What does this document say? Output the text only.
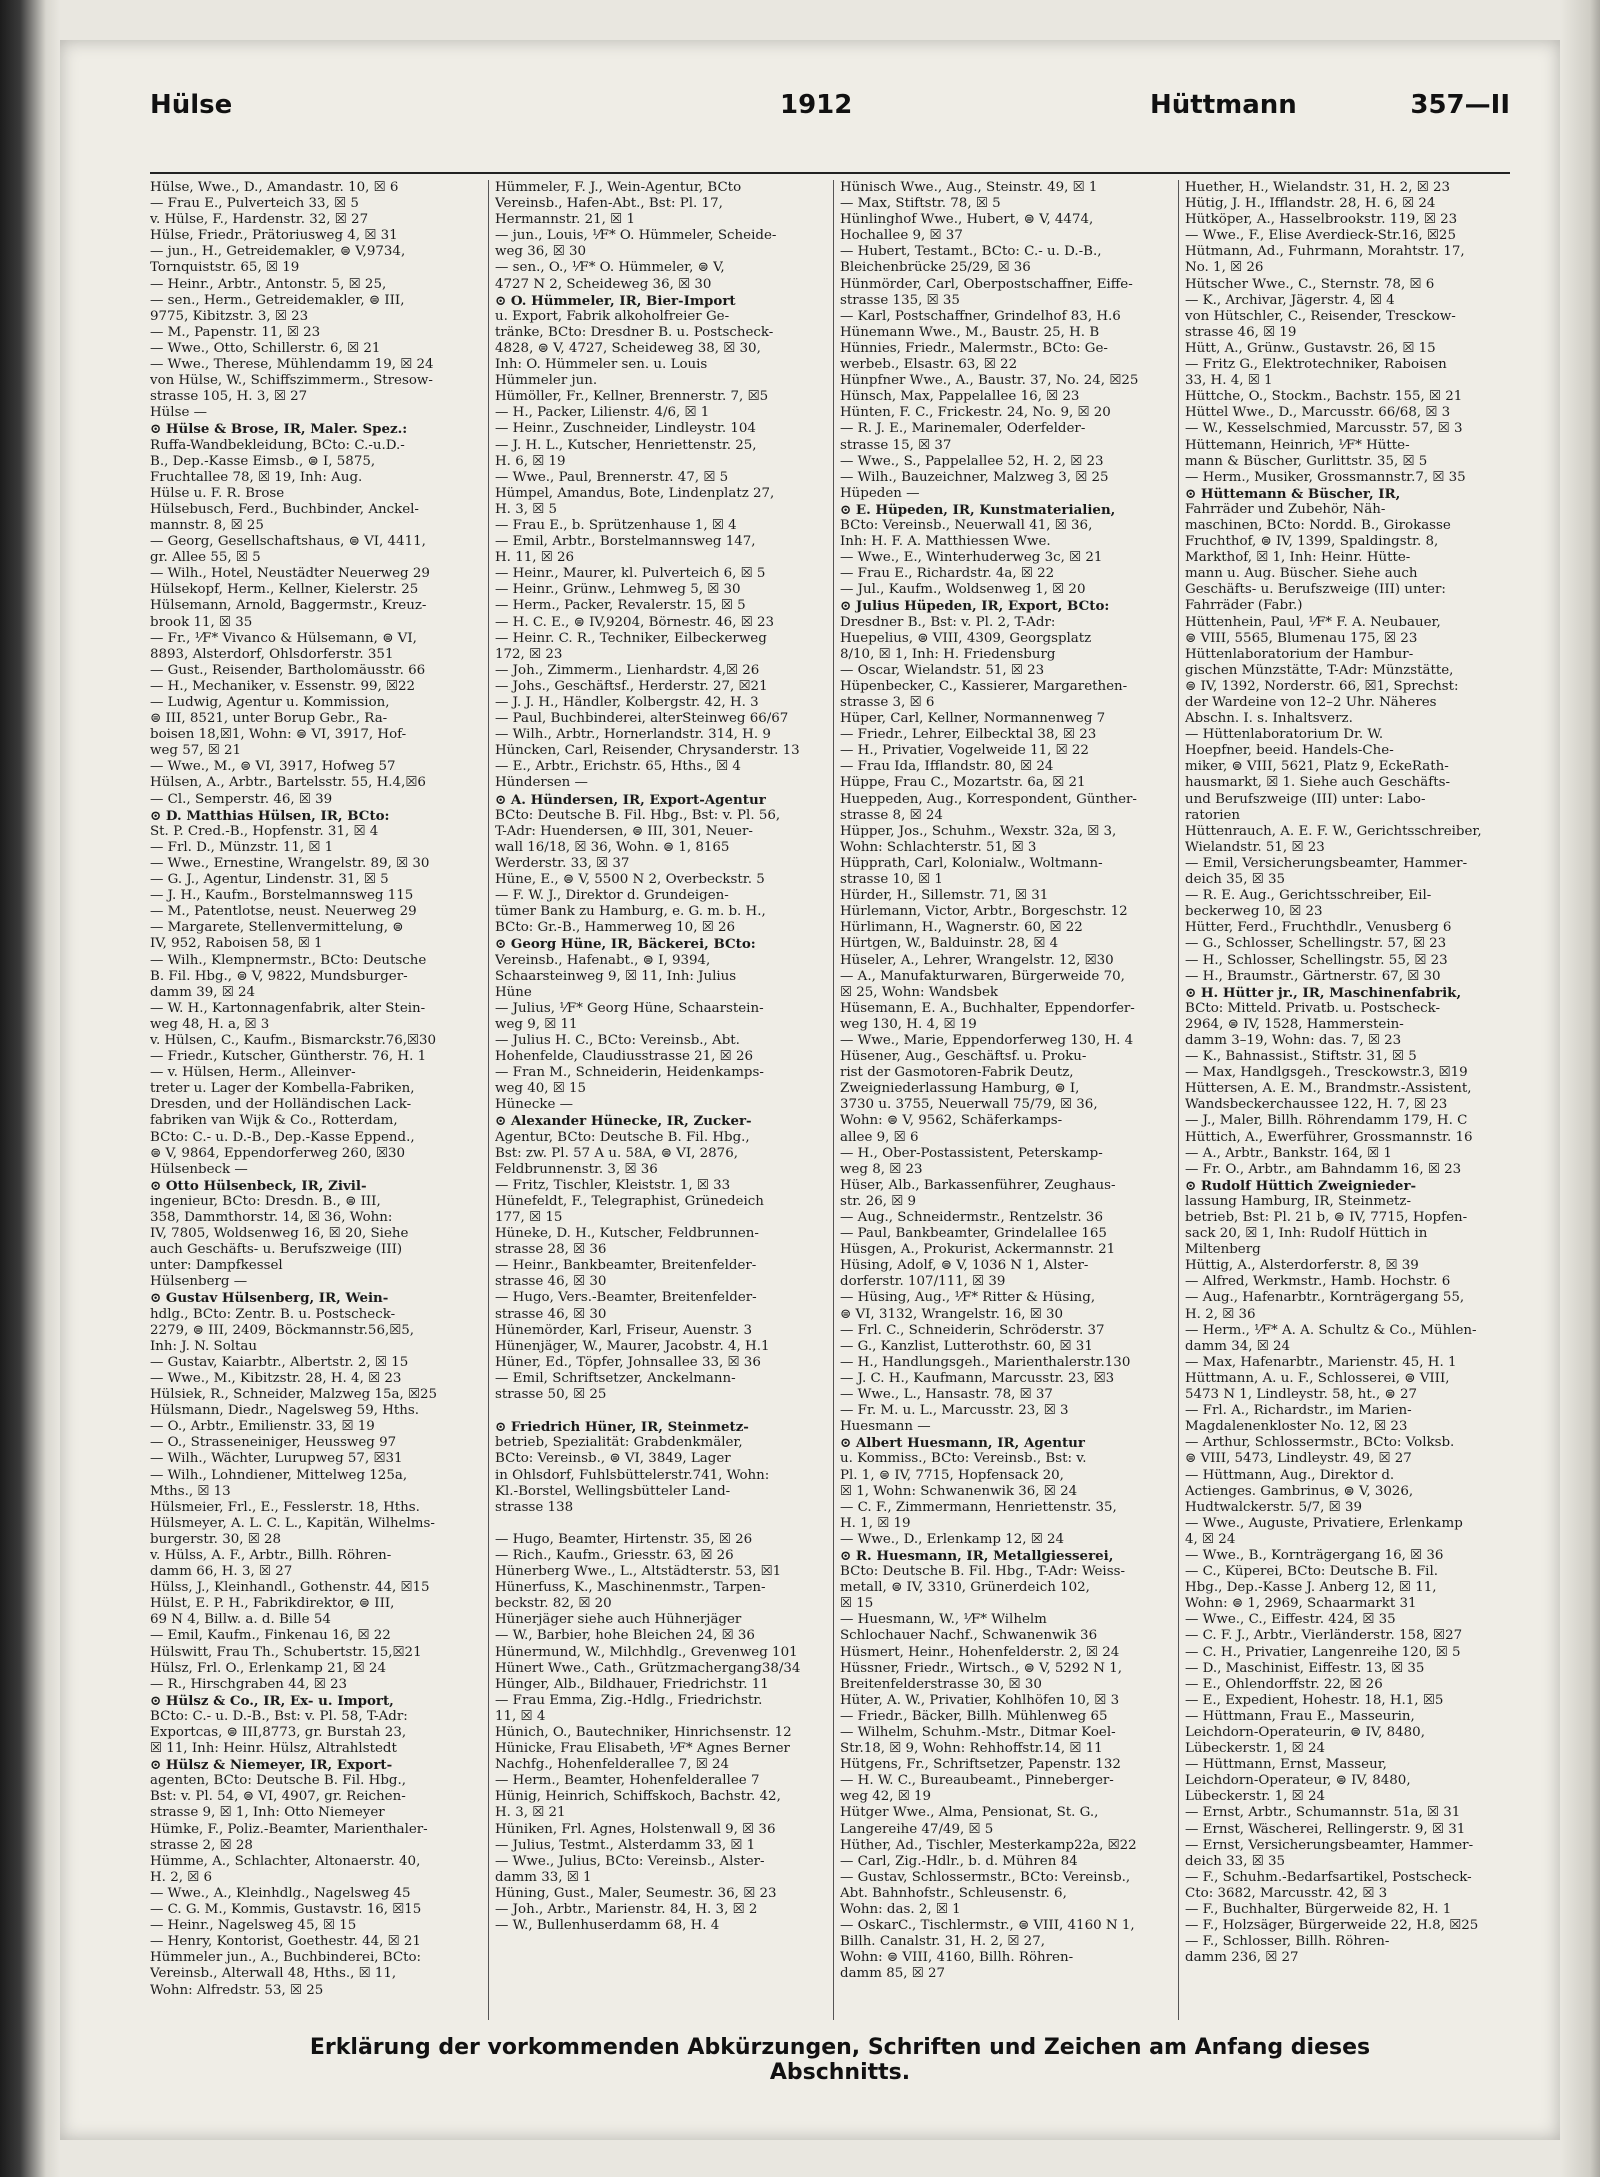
Hülse	1912	Hüttmann	357—II
Hülse, Wwe., D., Amandastr. 10, ☒ 6
— Frau E., Pulverteich 33, ☒ 5
v. Hülse, F., Hardenstr. 32, ☒ 27
Hülse, Friedr., Prätoriusweg 4, ☒ 31
— jun., H., Getreidemakler, ⊜ V,9734,
Tornquiststr. 65, ☒ 19
— Heinr., Arbtr., Antonstr. 5, ☒ 25,
— sen., Herm., Getreidemakler, ⊜ III,
9775, Kibitzstr. 3, ☒ 23
— M., Papenstr. 11, ☒ 23
— Wwe., Otto, Schillerstr. 6, ☒ 21
— Wwe., Therese, Mühlendamm 19, ☒ 24
von Hülse, W., Schiffszimmerm., Stresow-
strasse 105, H. 3, ☒ 27
Hülse —
⊙ Hülse & Brose, IR, Maler. Spez.:
Ruffa-Wandbekleidung, BCto: C.-u.D.-
B., Dep.-Kasse Eimsb., ⊜ I, 5875,
Fruchtallee 78, ☒ 19, Inh: Aug.
Hülse u. F. R. Brose
Hülsebusch, Ferd., Buchbinder, Anckel-
mannstr. 8, ☒ 25
— Georg, Gesellschaftshaus, ⊜ VI, 4411,
gr. Allee 55, ☒ 5
— Wilh., Hotel, Neustädter Neuerweg 29
Hülsekopf, Herm., Kellner, Kielerstr. 25
Hülsemann, Arnold, Baggermstr., Kreuz-
brook 11, ☒ 35
— Fr., ⅟F* Vivanco & Hülsemann, ⊜ VI,
8893, Alsterdorf, Ohlsdorferstr. 351
— Gust., Reisender, Bartholomäusstr. 66
— H., Mechaniker, v. Essenstr. 99, ☒22
— Ludwig, Agentur u. Kommission,
⊜ III, 8521, unter Borup Gebr., Ra-
boisen 18,☒1, Wohn: ⊜ VI, 3917, Hof-
weg 57, ☒ 21
— Wwe., M., ⊜ VI, 3917, Hofweg 57
Hülsen, A., Arbtr., Bartelsstr. 55, H.4,☒6
— Cl., Semperstr. 46, ☒ 39
⊙ D. Matthias Hülsen, IR, BCto:
St. P. Cred.-B., Hopfenstr. 31, ☒ 4
— Frl. D., Münzstr. 11, ☒ 1
— Wwe., Ernestine, Wrangelstr. 89, ☒ 30
— G. J., Agentur, Lindenstr. 31, ☒ 5
— J. H., Kaufm., Borstelmannsweg 115
— M., Patentlotse, neust. Neuerweg 29
— Margarete, Stellenvermittelung, ⊜
IV, 952, Raboisen 58, ☒ 1
— Wilh., Klempnermstr., BCto: Deutsche
B. Fil. Hbg., ⊜ V, 9822, Mundsburger-
damm 39, ☒ 24
— W. H., Kartonnagenfabrik, alter Stein-
weg 48, H. a, ☒ 3
v. Hülsen, C., Kaufm., Bismarckstr.76,☒30
— Friedr., Kutscher, Güntherstr. 76, H. 1
— v. Hülsen, Herm., Alleinver-
treter u. Lager der Kombella-Fabriken,
Dresden, und der Holländischen Lack-
fabriken van Wijk & Co., Rotterdam,
BCto: C.- u. D.-B., Dep.-Kasse Eppend.,
⊜ V, 9864, Eppendorferweg 260, ☒30
Hülsenbeck —
⊙ Otto Hülsenbeck, IR, Zivil-
ingenieur, BCto: Dresdn. B., ⊜ III,
358, Dammthorstr. 14, ☒ 36, Wohn:
IV, 7805, Woldsenweg 16, ☒ 20, Siehe
auch Geschäfts- u. Berufszweige (III)
unter: Dampfkessel
Hülsenberg —
⊙ Gustav Hülsenberg, IR, Wein-
hdlg., BCto: Zentr. B. u. Postscheck-
2279, ⊜ III, 2409, Böckmannstr.56,☒5,
Inh: J. N. Soltau
— Gustav, Kaiarbtr., Albertstr. 2, ☒ 15
— Wwe., M., Kibitzstr. 28, H. 4, ☒ 23
Hülsiek, R., Schneider, Malzweg 15a, ☒25
Hülsmann, Diedr., Nagelsweg 59, Hths.
— O., Arbtr., Emilienstr. 33, ☒ 19
— O., Strasseneiniger, Heussweg 97
— Wilh., Wächter, Lurupweg 57, ☒31
— Wilh., Lohndiener, Mittelweg 125a,
Mths., ☒ 13
Hülsmeier, Frl., E., Fesslerstr. 18, Hths.
Hülsmeyer, A. L. C. L., Kapitän, Wilhelms-
burgerstr. 30, ☒ 28
v. Hülss, A. F., Arbtr., Billh. Röhren-
damm 66, H. 3, ☒ 27
Hülss, J., Kleinhandl., Gothenstr. 44, ☒15
Hülst, E. P. H., Fabrikdirektor, ⊜ III,
69 N 4, Billw. a. d. Bille 54
— Emil, Kaufm., Finkenau 16, ☒ 22
Hülswitt, Frau Th., Schubertstr. 15,☒21
Hülsz, Frl. O., Erlenkamp 21, ☒ 24
— R., Hirschgraben 44, ☒ 23
⊙ Hülsz & Co., IR, Ex- u. Import,
BCto: C.- u. D.-B., Bst: v. Pl. 58, T-Adr:
Exportcas, ⊜ III,8773, gr. Burstah 23,
☒ 11, Inh: Heinr. Hülsz, Altrahlstedt
⊙ Hülsz & Niemeyer, IR, Export-
agenten, BCto: Deutsche B. Fil. Hbg.,
Bst: v. Pl. 54, ⊜ VI, 4907, gr. Reichen-
strasse 9, ☒ 1, Inh: Otto Niemeyer
Hümke, F., Poliz.-Beamter, Marienthaler-
strasse 2, ☒ 28
Hümme, A., Schlachter, Altonaerstr. 40,
H. 2, ☒ 6
— Wwe., A., Kleinhdlg., Nagelsweg 45
— C. G. M., Kommis, Gustavstr. 16, ☒15
— Heinr., Nagelsweg 45, ☒ 15
— Henry, Kontorist, Goethestr. 44, ☒ 21
Hümmeler jun., A., Buchbinderei, BCto:
Vereinsb., Alterwall 48, Hths., ☒ 11,
Wohn: Alfredstr. 53, ☒ 25
Hümmeler, F. J., Wein-Agentur, BCto
Vereinsb., Hafen-Abt., Bst: Pl. 17,
Hermannstr. 21, ☒ 1
— jun., Louis, ⅟F* O. Hümmeler, Scheide-
weg 36, ☒ 30
— sen., O., ⅟F* O. Hümmeler, ⊜ V,
4727 N 2, Scheideweg 36, ☒ 30
⊙ O. Hümmeler, IR, Bier-Import
u. Export, Fabrik alkoholfreier Ge-
tränke, BCto: Dresdner B. u. Postscheck-
4828, ⊜ V, 4727, Scheideweg 38, ☒ 30,
Inh: O. Hümmeler sen. u. Louis
Hümmeler jun.
Hümöller, Fr., Kellner, Brennerstr. 7, ☒5
— H., Packer, Lilienstr. 4/6, ☒ 1
— Heinr., Zuschneider, Lindleystr. 104
— J. H. L., Kutscher, Henriettenstr. 25,
H. 6, ☒ 19
— Wwe., Paul, Brennerstr. 47, ☒ 5
Hümpel, Amandus, Bote, Lindenplatz 27,
H. 3, ☒ 5
— Frau E., b. Sprützenhause 1, ☒ 4
— Emil, Arbtr., Borstelmannsweg 147,
H. 11, ☒ 26
— Heinr., Maurer, kl. Pulverteich 6, ☒ 5
— Heinr., Grünw., Lehmweg 5, ☒ 30
— Herm., Packer, Revalerstr. 15, ☒ 5
— H. C. E., ⊜ IV,9204, Börnestr. 46, ☒ 23
— Heinr. C. R., Techniker, Eilbeckerweg
172, ☒ 23
— Joh., Zimmerm., Lienhardstr. 4,☒ 26
— Johs., Geschäftsf., Herderstr. 27, ☒21
— J. J. H., Händler, Kolbergstr. 42, H. 3
— Paul, Buchbinderei, alterSteinweg 66/67
— Wilh., Arbtr., Hornerlandstr. 314, H. 9
Hüncken, Carl, Reisender, Chrysanderstr. 13
— E., Arbtr., Erichstr. 65, Hths., ☒ 4
Hündersen —
⊙ A. Hündersen, IR, Export-Agentur
BCto: Deutsche B. Fil. Hbg., Bst: v. Pl. 56,
T-Adr: Huendersen, ⊜ III, 301, Neuer-
wall 16/18, ☒ 36, Wohn. ⊜ 1, 8165
Werderstr. 33, ☒ 37
Hüne, E., ⊜ V, 5500 N 2, Overbeckstr. 5
— F. W. J., Direktor d. Grundeigen-
tümer Bank zu Hamburg, e. G. m. b. H.,
BCto: Gr.-B., Hammerweg 10, ☒ 26
⊙ Georg Hüne, IR, Bäckerei, BCto:
Vereinsb., Hafenabt., ⊜ I, 9394,
Schaarsteinweg 9, ☒ 11, Inh: Julius
Hüne
— Julius, ⅟F* Georg Hüne, Schaarstein-
weg 9, ☒ 11
— Julius H. C., BCto: Vereinsb., Abt.
Hohenfelde, Claudiusstrasse 21, ☒ 26
— Fran M., Schneiderin, Heidenkamps-
weg 40, ☒ 15
Hünecke —
⊙ Alexander Hünecke, IR, Zucker-
Agentur, BCto: Deutsche B. Fil. Hbg.,
Bst: zw. Pl. 57 A u. 58A, ⊜ VI, 2876,
Feldbrunnenstr. 3, ☒ 36
— Fritz, Tischler, Kleiststr. 1, ☒ 33
Hünefeldt, F., Telegraphist, Grünedeich
177, ☒ 15
Hüneke, D. H., Kutscher, Feldbrunnen-
strasse 28, ☒ 36
— Heinr., Bankbeamter, Breitenfelder-
strasse 46, ☒ 30
— Hugo, Vers.-Beamter, Breitenfelder-
strasse 46, ☒ 30
Hünemörder, Karl, Friseur, Auenstr. 3
Hünenjäger, W., Maurer, Jacobstr. 4, H.1
Hüner, Ed., Töpfer, Johnsallee 33, ☒ 36
— Emil, Schriftsetzer, Anckelmann-
strasse 50, ☒ 25

⊙ Friedrich Hüner, IR, Steinmetz-
betrieb, Spezialität: Grabdenkmäler,
BCto: Vereinsb., ⊜ VI, 3849, Lager
in Ohlsdorf, Fuhlsbüttelerstr.741, Wohn:
Kl.-Borstel, Wellingsbütteler Land-
strasse 138

— Hugo, Beamter, Hirtenstr. 35, ☒ 26
— Rich., Kaufm., Griesstr. 63, ☒ 26
Hünerberg Wwe., L., Altstädterstr. 53, ☒1
Hünerfuss, K., Maschinenmstr., Tarpen-
beckstr. 82, ☒ 20
Hünerjäger siehe auch Hühnerjäger
— W., Barbier, hohe Bleichen 24, ☒ 36
Hünermund, W., Milchhdlg., Grevenweg 101
Hünert Wwe., Cath., Grützmachergang38/34
Hünger, Alb., Bildhauer, Friedrichstr. 11
— Frau Emma, Zig.-Hdlg., Friedrichstr.
11, ☒ 4
Hünich, O., Bautechniker, Hinrichsenstr. 12
Hünicke, Frau Elisabeth, ⅟F* Agnes Berner
Nachfg., Hohenfelderallee 7, ☒ 24
— Herm., Beamter, Hohenfelderallee 7
Hünig, Heinrich, Schiffskoch, Bachstr. 42,
H. 3, ☒ 21
Hüniken, Frl. Agnes, Holstenwall 9, ☒ 36
— Julius, Testmt., Alsterdamm 33, ☒ 1
— Wwe., Julius, BCto: Vereinsb., Alster-
damm 33, ☒ 1
Hüning, Gust., Maler, Seumestr. 36, ☒ 23
— Joh., Arbtr., Marienstr. 84, H. 3, ☒ 2
— W., Bullenhuserdamm 68, H. 4
Hünisch Wwe., Aug., Steinstr. 49, ☒ 1
— Max, Stiftstr. 78, ☒ 5
Hünlinghof Wwe., Hubert, ⊜ V, 4474,
Hochallee 9, ☒ 37
— Hubert, Testamt., BCto: C.- u. D.-B.,
Bleichenbrücke 25/29, ☒ 36
Hünmörder, Carl, Oberpostschaffner, Eiffe-
strasse 135, ☒ 35
— Karl, Postschaffner, Grindelhof 83, H.6
Hünemann Wwe., M., Baustr. 25, H. B
Hünnies, Friedr., Malermstr., BCto: Ge-
werbeb., Elsastr. 63, ☒ 22
Hünpfner Wwe., A., Baustr. 37, No. 24, ☒25
Hünsch, Max, Pappelallee 16, ☒ 23
Hünten, F. C., Frickestr. 24, No. 9, ☒ 20
— R. J. E., Marinemaler, Oderfelder-
strasse 15, ☒ 37
— Wwe., S., Pappelallee 52, H. 2, ☒ 23
— Wilh., Bauzeichner, Malzweg 3, ☒ 25
Hüpeden —
⊙ E. Hüpeden, IR, Kunstmaterialien,
BCto: Vereinsb., Neuerwall 41, ☒ 36,
Inh: H. F. A. Matthiessen Wwe.
— Wwe., E., Winterhuderweg 3c, ☒ 21
— Frau E., Richardstr. 4a, ☒ 22
— Jul., Kaufm., Woldsenweg 1, ☒ 20
⊙ Julius Hüpeden, IR, Export, BCto:
Dresdner B., Bst: v. Pl. 2, T-Adr:
Huepelius, ⊜ VIII, 4309, Georgsplatz
8/10, ☒ 1, Inh: H. Friedensburg
— Oscar, Wielandstr. 51, ☒ 23
Hüpenbecker, C., Kassierer, Margarethen-
strasse 3, ☒ 6
Hüper, Carl, Kellner, Normannenweg 7
— Friedr., Lehrer, Eilbecktal 38, ☒ 23
— H., Privatier, Vogelweide 11, ☒ 22
— Frau Ida, Ifflandstr. 80, ☒ 24
Hüppe, Frau C., Mozartstr. 6a, ☒ 21
Hueppeden, Aug., Korrespondent, Günther-
strasse 8, ☒ 24
Hüpper, Jos., Schuhm., Wexstr. 32a, ☒ 3,
Wohn: Schlachterstr. 51, ☒ 3
Hüpprath, Carl, Kolonialw., Woltmann-
strasse 10, ☒ 1
Hürder, H., Sillemstr. 71, ☒ 31
Hürlemann, Victor, Arbtr., Borgeschstr. 12
Hürlimann, H., Wagnerstr. 60, ☒ 22
Hürtgen, W., Balduinstr. 28, ☒ 4
Hüseler, A., Lehrer, Wrangelstr. 12, ☒30
— A., Manufakturwaren, Bürgerweide 70,
☒ 25, Wohn: Wandsbek
Hüsemann, E. A., Buchhalter, Eppendorfer-
weg 130, H. 4, ☒ 19
— Wwe., Marie, Eppendorferweg 130, H. 4
Hüsener, Aug., Geschäftsf. u. Proku-
rist der Gasmotoren-Fabrik Deutz,
Zweigniederlassung Hamburg, ⊜ I,
3730 u. 3755, Neuerwall 75/79, ☒ 36,
Wohn: ⊜ V, 9562, Schäferkamps-
allee 9, ☒ 6
— H., Ober-Postassistent, Peterskamp-
weg 8, ☒ 23
Hüser, Alb., Barkassenführer, Zeughaus-
str. 26, ☒ 9
— Aug., Schneidermstr., Rentzelstr. 36
— Paul, Bankbeamter, Grindelallee 165
Hüsgen, A., Prokurist, Ackermannstr. 21
Hüsing, Adolf, ⊜ V, 1036 N 1, Alster-
dorferstr. 107/111, ☒ 39
— Hüsing, Aug., ⅟F* Ritter & Hüsing,
⊜ VI, 3132, Wrangelstr. 16, ☒ 30
— Frl. C., Schneiderin, Schröderstr. 37
— G., Kanzlist, Lutterothstr. 60, ☒ 31
— H., Handlungsgeh., Marienthalerstr.130
— J. C. H., Kaufmann, Marcusstr. 23, ☒3
— Wwe., L., Hansastr. 78, ☒ 37
— Fr. M. u. L., Marcusstr. 23, ☒ 3
Huesmann —
⊙ Albert Huesmann, IR, Agentur
u. Kommiss., BCto: Vereinsb., Bst: v.
Pl. 1, ⊜ IV, 7715, Hopfensack 20,
☒ 1, Wohn: Schwanenwik 36, ☒ 24
— C. F., Zimmermann, Henriettenstr. 35,
H. 1, ☒ 19
— Wwe., D., Erlenkamp 12, ☒ 24
⊙ R. Huesmann, IR, Metallgiesserei,
BCto: Deutsche B. Fil. Hbg., T-Adr: Weiss-
metall, ⊜ IV, 3310, Grünerdeich 102,
☒ 15
— Huesmann, W., ⅟F* Wilhelm
Schlochauer Nachf., Schwanenwik 36
Hüsmert, Heinr., Hohenfelderstr. 2, ☒ 24
Hüssner, Friedr., Wirtsch., ⊜ V, 5292 N 1,
Breitenfelderstrasse 30, ☒ 30
Hüter, A. W., Privatier, Kohlhöfen 10, ☒ 3
— Friedr., Bäcker, Billh. Mühlenweg 65
— Wilhelm, Schuhm.-Mstr., Ditmar Koel-
Str.18, ☒ 9, Wohn: Rehhoffstr.14, ☒ 11
Hütgens, Fr., Schriftsetzer, Papenstr. 132
— H. W. C., Bureaubeamt., Pinneberger-
weg 42, ☒ 19
Hütger Wwe., Alma, Pensionat, St. G.,
Langereihe 47/49, ☒ 5
Hüther, Ad., Tischler, Mesterkamp22a, ☒22
— Carl, Zig.-Hdlr., b. d. Mühren 84
— Gustav, Schlossermstr., BCto: Vereinsb.,
Abt. Bahnhofstr., Schleusenstr. 6,
Wohn: das. 2, ☒ 1
— OskarC., Tischlermstr., ⊜ VIII, 4160 N 1,
Billh. Canalstr. 31, H. 2, ☒ 27,
Wohn: ⊜ VIII, 4160, Billh. Röhren-
damm 85, ☒ 27
Huether, H., Wielandstr. 31, H. 2, ☒ 23
Hütig, J. H., Ifflandstr. 28, H. 6, ☒ 24
Hütköper, A., Hasselbrookstr. 119, ☒ 23
— Wwe., F., Elise Averdieck-Str.16, ☒25
Hütmann, Ad., Fuhrmann, Morahtstr. 17,
No. 1, ☒ 26
Hütscher Wwe., C., Sternstr. 78, ☒ 6
— K., Archivar, Jägerstr. 4, ☒ 4
von Hütschler, C., Reisender, Tresckow-
strasse 46, ☒ 19
Hütt, A., Grünw., Gustavstr. 26, ☒ 15
— Fritz G., Elektrotechniker, Raboisen
33, H. 4, ☒ 1
Hüttche, O., Stockm., Bachstr. 155, ☒ 21
Hüttel Wwe., D., Marcusstr. 66/68, ☒ 3
— W., Kesselschmied, Marcusstr. 57, ☒ 3
Hüttemann, Heinrich, ⅟F* Hütte-
mann & Büscher, Gurlittstr. 35, ☒ 5
— Herm., Musiker, Grossmannstr.7, ☒ 35
⊙ Hüttemann & Büscher, IR,
Fahrräder und Zubehör, Näh-
maschinen, BCto: Nordd. B., Girokasse
Fruchthof, ⊜ IV, 1399, Spaldingstr. 8,
Markthof, ☒ 1, Inh: Heinr. Hütte-
mann u. Aug. Büscher. Siehe auch
Geschäfts- u. Berufszweige (III) unter:
Fahrräder (Fabr.)
Hüttenhein, Paul, ⅟F* F. A. Neubauer,
⊜ VIII, 5565, Blumenau 175, ☒ 23
Hüttenlaboratorium der Hambur-
gischen Münzstätte, T-Adr: Münzstätte,
⊜ IV, 1392, Norderstr. 66, ☒1, Sprechst:
der Wardeine von 12–2 Uhr. Näheres
Abschn. I. s. Inhaltsverz.
— Hüttenlaboratorium Dr. W.
Hoepfner, beeid. Handels-Che-
miker, ⊜ VIII, 5621, Platz 9, EckeRath-
hausmarkt, ☒ 1. Siehe auch Geschäfts-
und Berufszweige (III) unter: Labo-
ratorien
Hüttenrauch, A. E. F. W., Gerichtsschreiber,
Wielandstr. 51, ☒ 23
— Emil, Versicherungsbeamter, Hammer-
deich 35, ☒ 35
— R. E. Aug., Gerichtsschreiber, Eil-
beckerweg 10, ☒ 23
Hütter, Ferd., Fruchthdlr., Venusberg 6
— G., Schlosser, Schellingstr. 57, ☒ 23
— H., Schlosser, Schellingstr. 55, ☒ 23
— H., Braumstr., Gärtnerstr. 67, ☒ 30
⊙ H. Hütter jr., IR, Maschinenfabrik,
BCto: Mitteld. Privatb. u. Postscheck-
2964, ⊜ IV, 1528, Hammerstein-
damm 3–19, Wohn: das. 7, ☒ 23
— K., Bahnassist., Stiftstr. 31, ☒ 5
— Max, Handlgsgeh., Tresckowstr.3, ☒19
Hüttersen, A. E. M., Brandmstr.-Assistent,
Wandsbeckerchaussee 122, H. 7, ☒ 23
— J., Maler, Billh. Röhrendamm 179, H. C
Hüttich, A., Ewerführer, Grossmannstr. 16
— A., Arbtr., Bankstr. 164, ☒ 1
— Fr. O., Arbtr., am Bahndamm 16, ☒ 23
⊙ Rudolf Hüttich Zweignieder-
lassung Hamburg, IR, Steinmetz-
betrieb, Bst: Pl. 21 b, ⊜ IV, 7715, Hopfen-
sack 20, ☒ 1, Inh: Rudolf Hüttich in
Miltenberg
Hüttig, A., Alsterdorferstr. 8, ☒ 39
— Alfred, Werkmstr., Hamb. Hochstr. 6
— Aug., Hafenarbtr., Kornträgergang 55,
H. 2, ☒ 36
— Herm., ⅟F* A. A. Schultz & Co., Mühlen-
damm 34, ☒ 24
— Max, Hafenarbtr., Marienstr. 45, H. 1
Hüttmann, A. u. F., Schlosserei, ⊜ VIII,
5473 N 1, Lindleystr. 58, ht., ⊜ 27
— Frl. A., Richardstr., im Marien-
Magdalenenkloster No. 12, ☒ 23
— Arthur, Schlossermstr., BCto: Volksb.
⊜ VIII, 5473, Lindleystr. 49, ☒ 27
— Hüttmann, Aug., Direktor d.
Actienges. Gambrinus, ⊜ V, 3026,
Hudtwalckerstr. 5/7, ☒ 39
— Wwe., Auguste, Privatiere, Erlenkamp
4, ☒ 24
— Wwe., B., Kornträgergang 16, ☒ 36
— C., Küperei, BCto: Deutsche B. Fil.
Hbg., Dep.-Kasse J. Anberg 12, ☒ 11,
Wohn: ⊜ 1, 2969, Schaarmarkt 31
— Wwe., C., Eiffestr. 424, ☒ 35
— C. F. J., Arbtr., Vierländerstr. 158, ☒27
— C. H., Privatier, Langenreihe 120, ☒ 5
— D., Maschinist, Eiffestr. 13, ☒ 35
— E., Ohlendorffstr. 22, ☒ 26
— E., Expedient, Hohestr. 18, H.1, ☒5
— Hüttmann, Frau E., Masseurin,
Leichdorn-Operateurin, ⊜ IV, 8480,
Lübeckerstr. 1, ☒ 24
— Hüttmann, Ernst, Masseur,
Leichdorn-Operateur, ⊜ IV, 8480,
Lübeckerstr. 1, ☒ 24
— Ernst, Arbtr., Schumannstr. 51a, ☒ 31
— Ernst, Wäscherei, Rellingerstr. 9, ☒ 31
— Ernst, Versicherungsbeamter, Hammer-
deich 33, ☒ 35
— F., Schuhm.-Bedarfsartikel, Postscheck-
Cto: 3682, Marcusstr. 42, ☒ 3
— F., Buchhalter, Bürgerweide 82, H. 1
— F., Holzsäger, Bürgerweide 22, H.8, ☒25
— F., Schlosser, Billh. Röhren-
damm 236, ☒ 27
Erklärung der vorkommenden Abkürzungen, Schriften und Zeichen am Anfang dieses Abschnitts.
